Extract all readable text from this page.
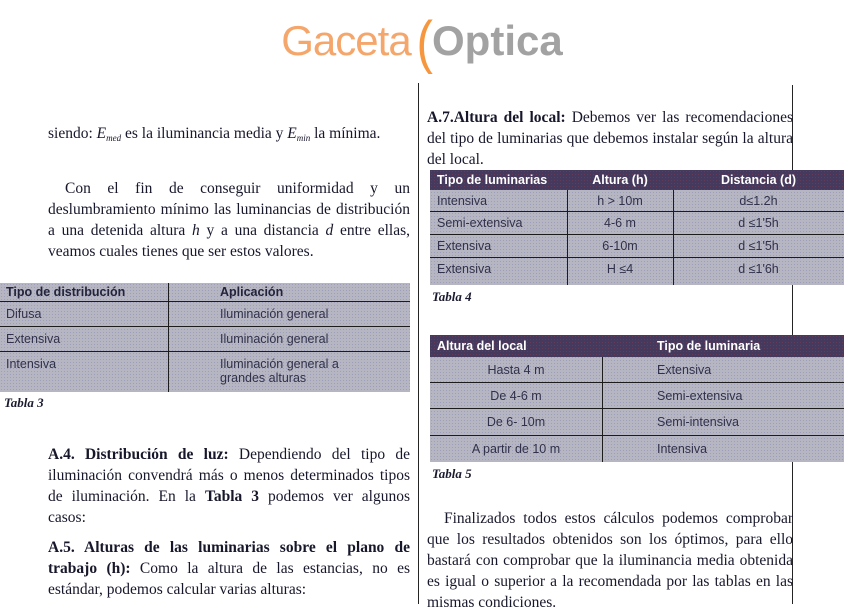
Gaceta(Optica

siendo: $E_{med}$ es la iluminancia media y $E_{min}$ la mínima.

Con el fin de conseguir uniformidad y un deslumbramiento mínimo las luminancias de distribución a una detenida altura h y a una distancia d entre ellas, veamos cuales tienes que ser estos valores.

Tipo de distribución	Aplicación
Difusa	Iluminación general
Extensiva	Iluminación general
Intensiva	Iluminación general a grandes alturas
Tabla 3

A.4. Distribución de luz: Dependiendo del tipo de iluminación convendrá más o menos determinados tipos de iluminación. En la Tabla 3 podemos ver algunos casos:

A.5. Alturas de las luminarias sobre el plano de trabajo (h): Como la altura de las estancias, no es estándar, podemos calcular varias alturas:

A.7.Altura del local: Debemos ver las recomendaciones del tipo de luminarias que debemos instalar según la altura del local.

Tipo de luminarias	Altura (h)	Distancia (d)
Intensiva	h > 10m	d≤1.2h
Semi-extensiva	4-6 m	d ≤1'5h
Extensiva	6-10m	d ≤1'5h
Extensiva	H ≤4	d ≤1'6h
Tabla 4
Altura del local	Tipo de luminaria
Hasta 4 m	Extensiva
De 4-6 m	Semi-extensiva
De 6- 10m	Semi-intensiva
A partir de 10 m	Intensiva
Tabla 5

Finalizados todos estos cálculos podemos comprobar que los resultados obtenidos son los óptimos, para ello bastará con comprobar que la iluminancia media obtenida es igual o superior a la recomendada por las tablas en las mismas condiciones.
